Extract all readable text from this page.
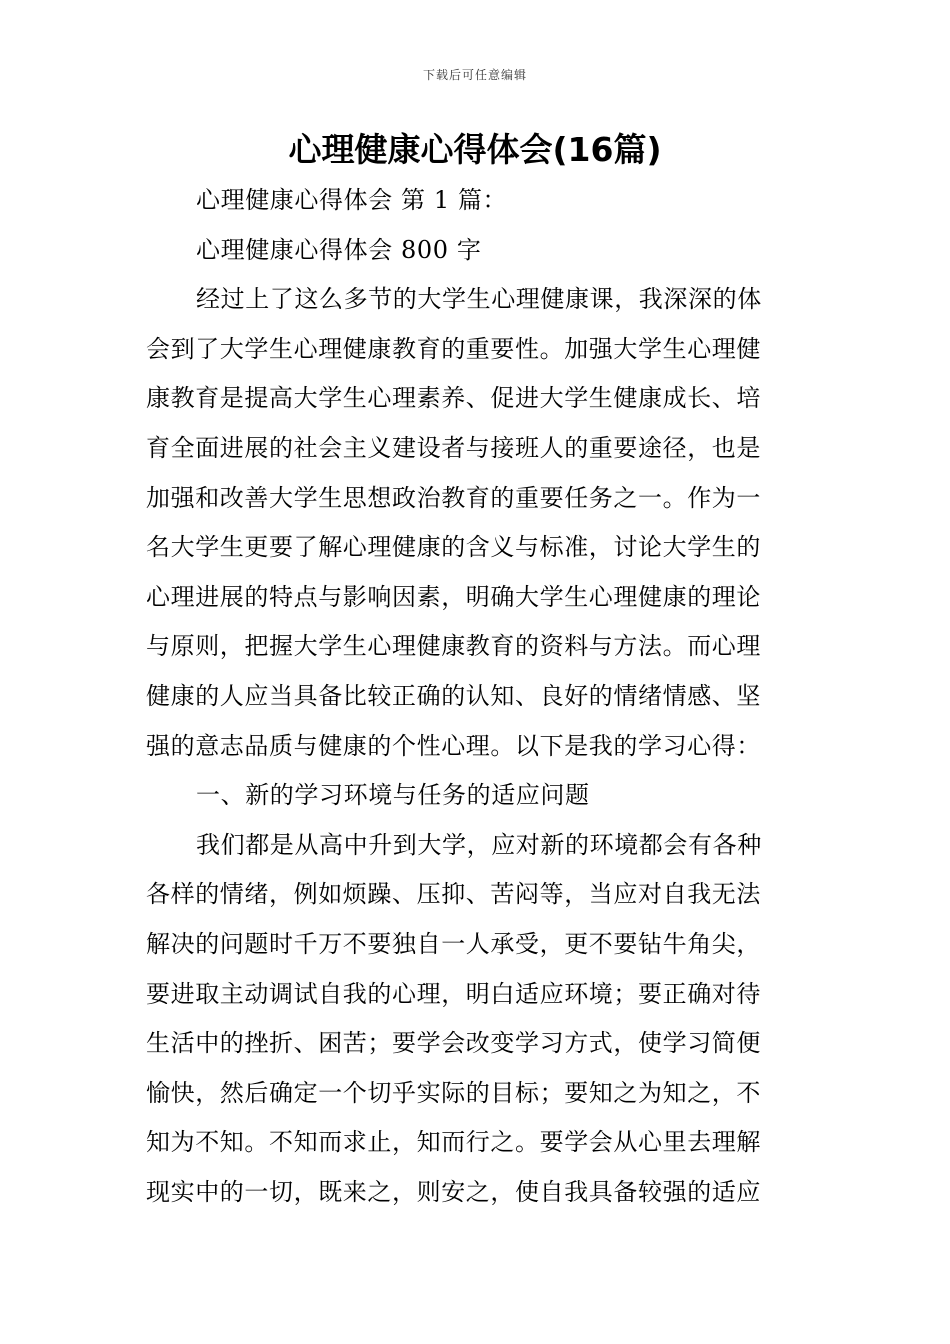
下载后可任意编辑
心理健康心得体会(16篇)
心理健康心得体会 第 1 篇：
心理健康心得体会 800 字
经过上了这么多节的大学生心理健康课，我深深的体
会到了大学生心理健康教育的重要性。加强大学生心理健
康教育是提高大学生心理素养、促进大学生健康成长、培
育全面进展的社会主义建设者与接班人的重要途径，也是
加强和改善大学生思想政治教育的重要任务之一。作为一
名大学生更要了解心理健康的含义与标准，讨论大学生的
心理进展的特点与影响因素，明确大学生心理健康的理论
与原则，把握大学生心理健康教育的资料与方法。而心理
健康的人应当具备比较正确的认知、良好的情绪情感、坚
强的意志品质与健康的个性心理。以下是我的学习心得：
一、新的学习环境与任务的适应问题
我们都是从高中升到大学，应对新的环境都会有各种
各样的情绪，例如烦躁、压抑、苦闷等，当应对自我无法
解决的问题时千万不要独自一人承受，更不要钻牛角尖，
要进取主动调试自我的心理，明白适应环境；要正确对待
生活中的挫折、困苦；要学会改变学习方式，使学习简便
愉快，然后确定一个切乎实际的目标；要知之为知之，不
知为不知。不知而求止，知而行之。要学会从心里去理解
现实中的一切，既来之，则安之，使自我具备较强的适应
